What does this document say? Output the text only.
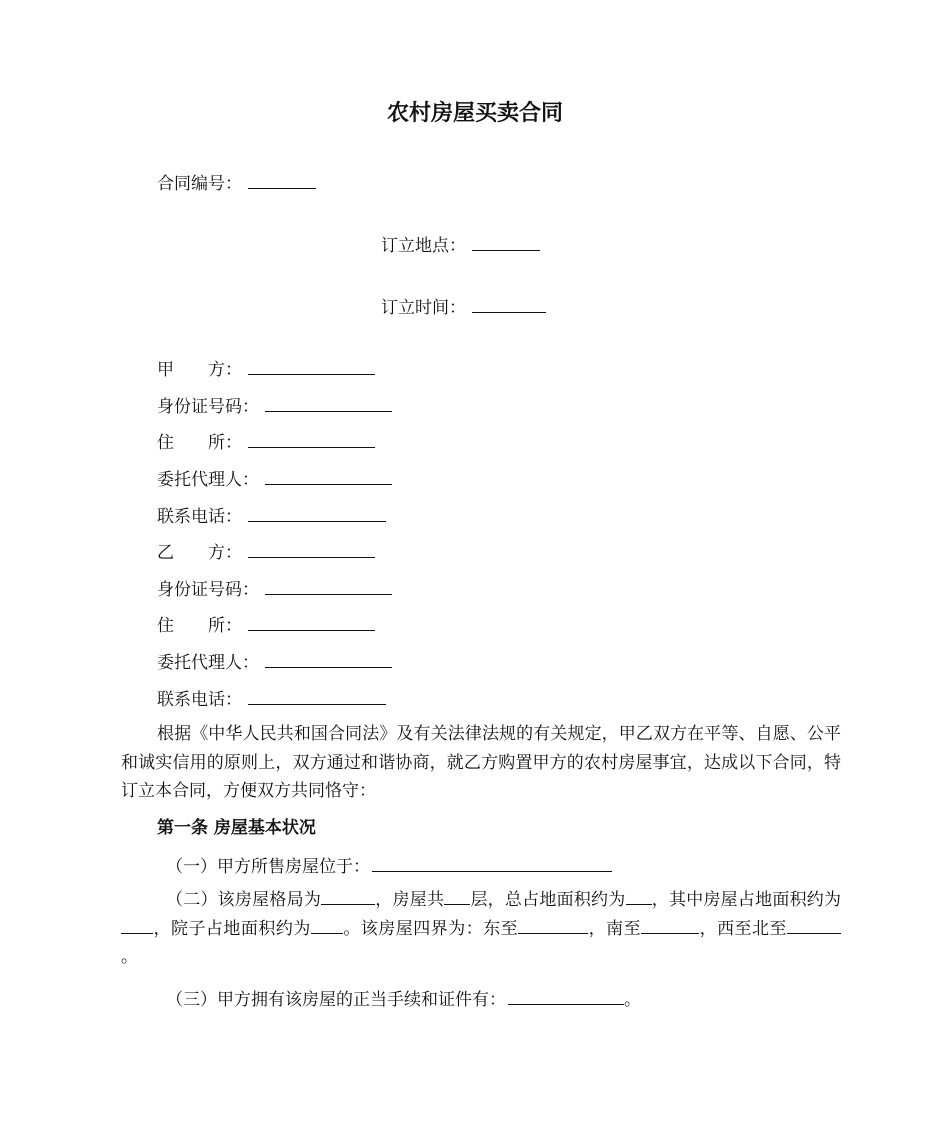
农村房屋买卖合同
合同编号：
订立地点：
订立时间：
甲　　方：
身份证号码：
住　　所：
委托代理人：
联系电话：
乙　　方：
身份证号码：
住　　所：
委托代理人：
联系电话：
根据《中华人民共和国合同法》及有关法律法规的有关规定，甲乙双方在平等、自愿、公平和诚实信用的原则上，双方通过和谐协商，就乙方购置甲方的农村房屋事宜，达成以下合同，特订立本合同，方便双方共同恪守：
第一条 房屋基本状况
（一）甲方所售房屋位于：
（二）该房屋格局为	，房屋共 层，总占地面积约为 ，其中房屋占地面积约为，院子占地面积约为 。该房屋四界为：东至	，南至	，西至北至。
（三）甲方拥有该房屋的正当手续和证件有：	。
